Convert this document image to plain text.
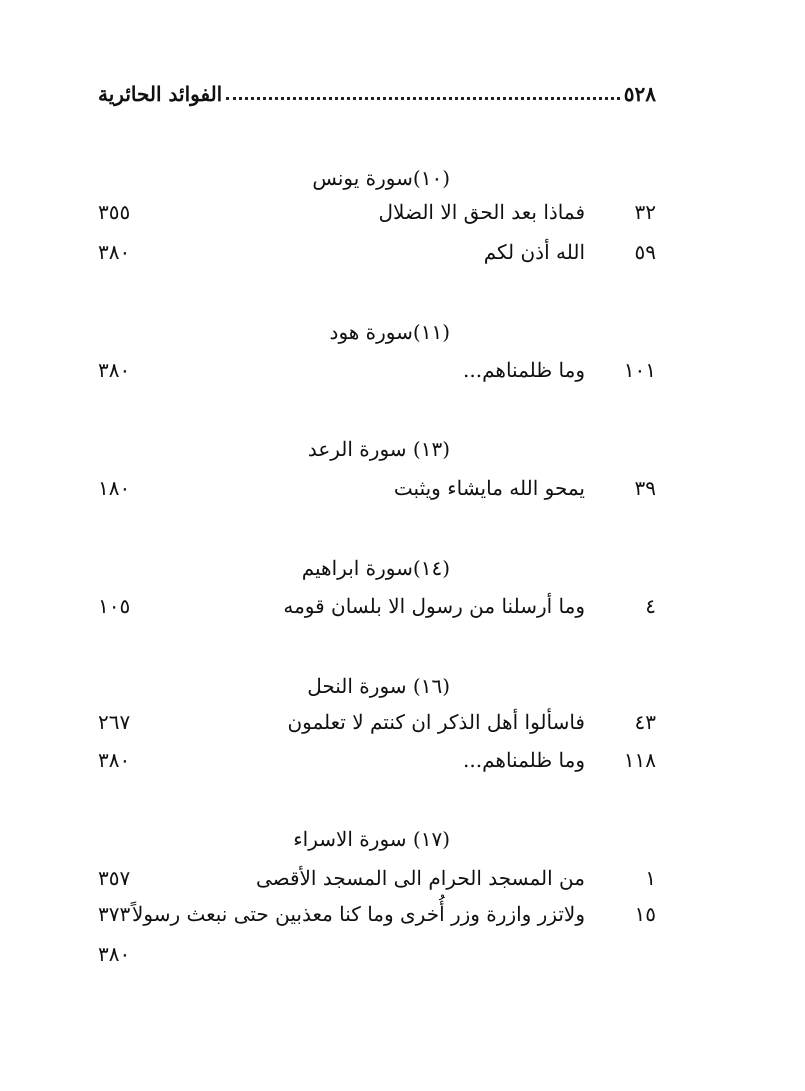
٥٢٨
الفوائد الحائرية
(١٠)سورة يونس
٣٢
فماذا بعد الحق الا الضلال
٣٥٥
٥٩
الله أذن لكم
٣٨٠
(١١)سورة هود
١٠١
وما ظلمناهم...
٣٨٠
(١٣) سورة الرعد
٣٩
يمحو الله مايشاء ويثبت
١٨٠
(١٤)سورة ابراهيم
٤
وما أرسلنا من رسول الا بلسان قومه
١٠٥
(١٦) سورة النحل
٤٣
فاسألوا أهل الذكر ان كنتم لا تعلمون
٢٦٧
١١٨
وما ظلمناهم...
٣٨٠
(١٧) سورة الاسراء
١
من المسجد الحرام الى المسجد الأقصى
٣٥٧
١٥
ولاتزر وازرة وزر أُخرى وما كنا معذبين حتى نبعث رسولاً
٣٧٣
٣٨٠
